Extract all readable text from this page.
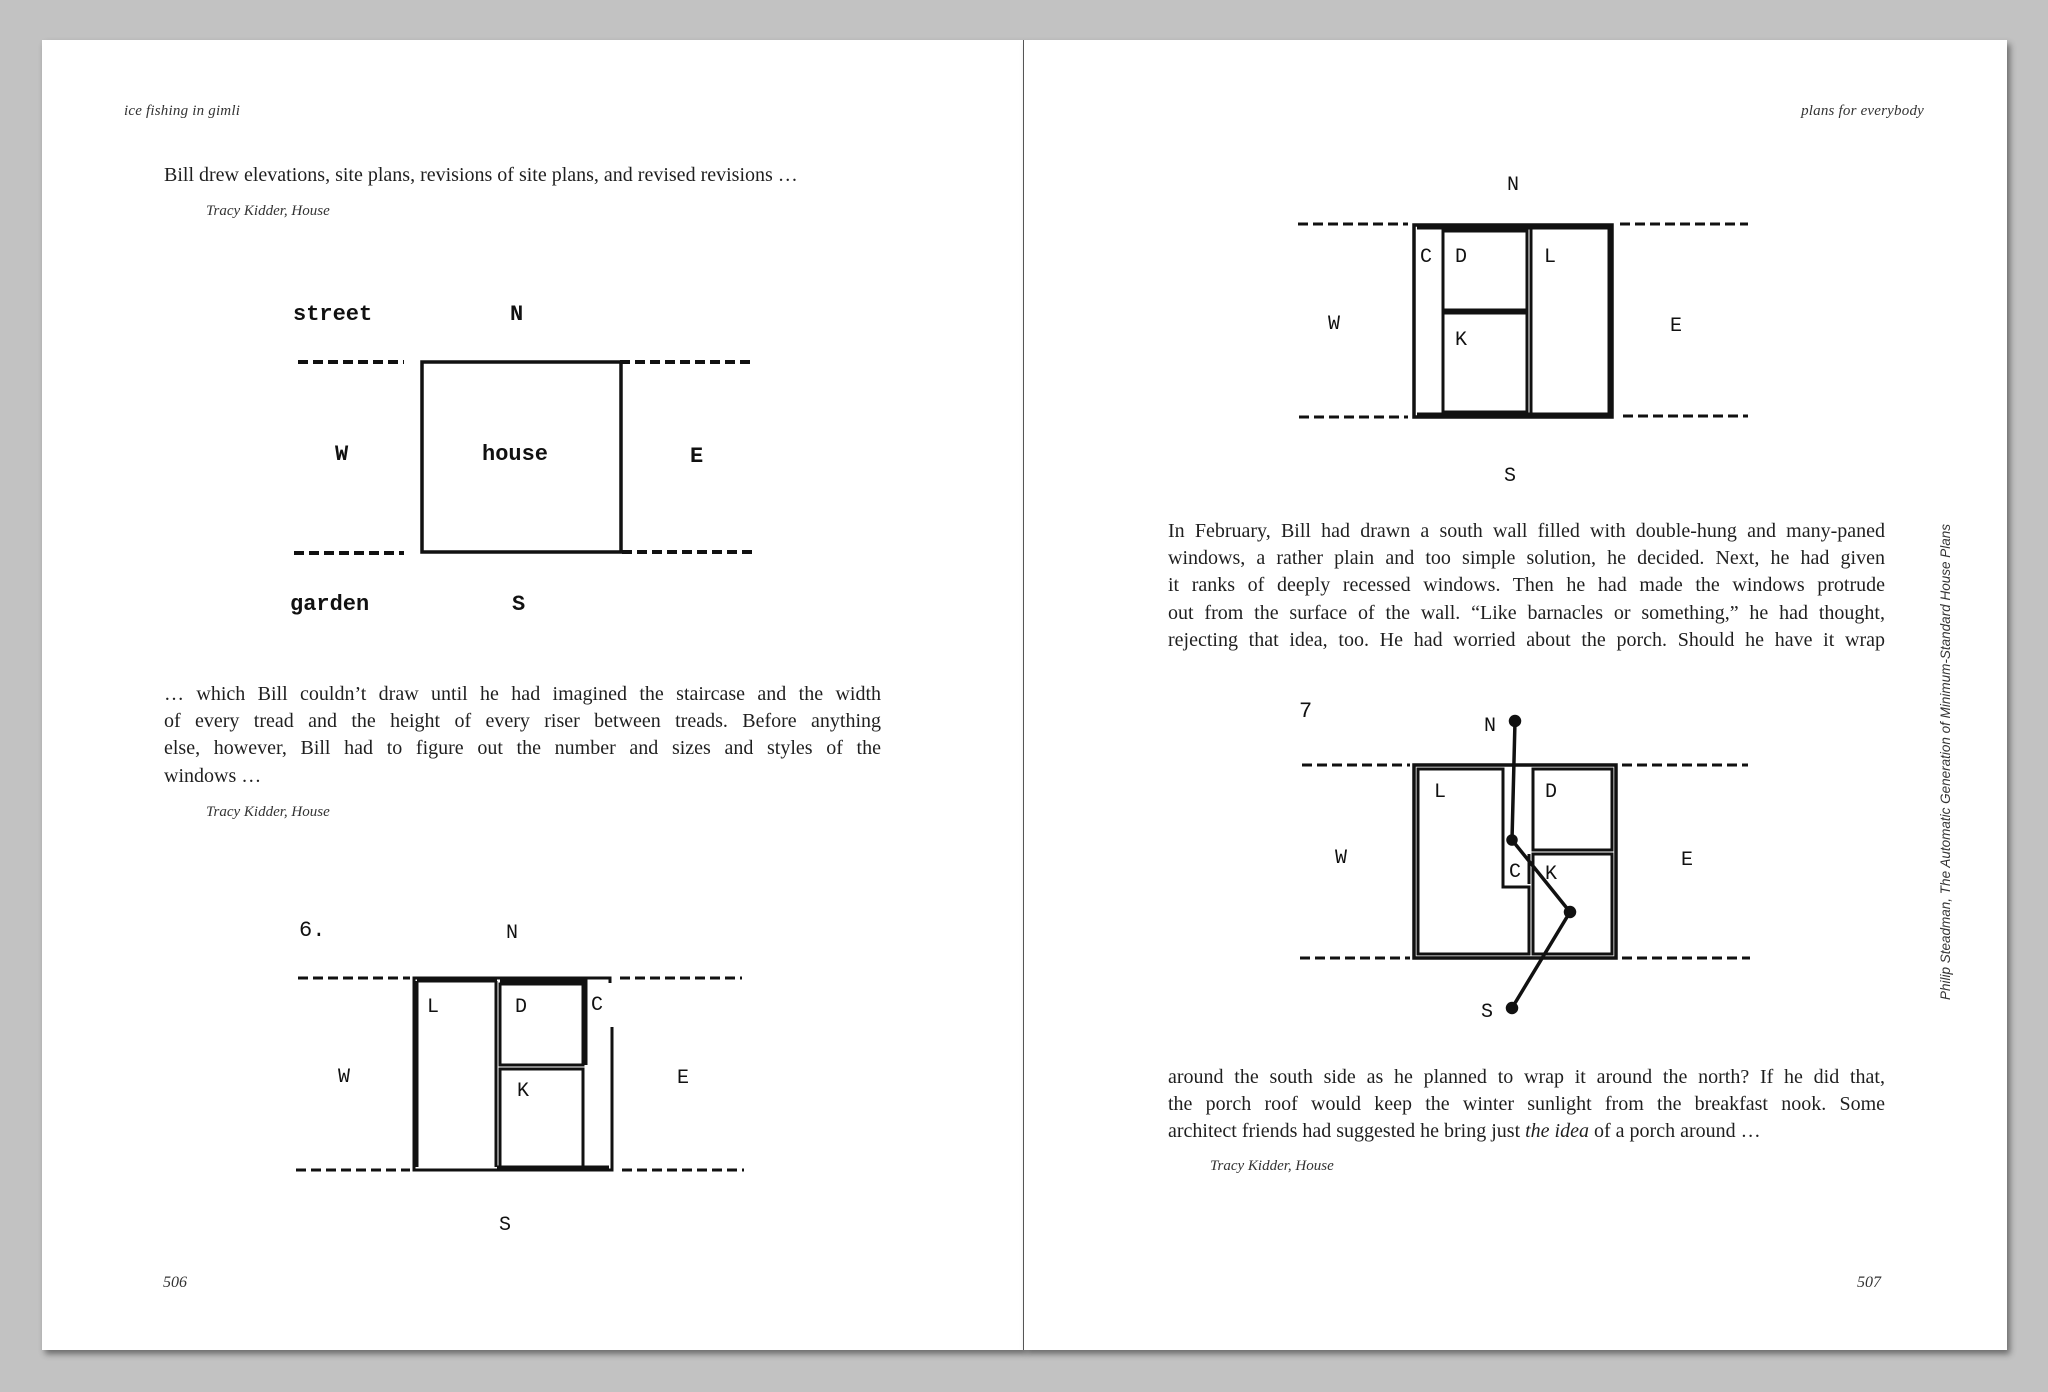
ice fishing in gimli
Bill drew elevations, site plans, revisions of site plans, and revised revisions …
Tracy Kidder, House
street	N
W	house	E
garden	S
… which Bill couldn’t draw until he had imagined the staircase and the width
of every tread and the height of every riser between treads. Before anything
else, however, Bill had to figure out the number and sizes and styles of the
windows …
Tracy Kidder, House
6.	N
W	E
S
L	D	C
K
506
plans for everybody
N
W	E
S
C D	L
K
In February, Bill had drawn a south wall filled with double-hung and many-paned
windows, a rather plain and too simple solution, he decided. Next, he had given
it ranks of deeply recessed windows. Then he had made the windows protrude
out from the surface of the wall. “Like barnacles or something,” he had thought,
rejecting that idea, too. He had worried about the porch. Should he have it wrap
7
N
W	E
S
L	D
C K
around the south side as he planned to wrap it around the north? If he did that,
the porch roof would keep the winter sunlight from the breakfast nook. Some
architect friends had suggested he bring just the idea of a porch around …
Tracy Kidder, House
Philip Steadman, The Automatic Generation of Minimum-Standard House Plans
507
